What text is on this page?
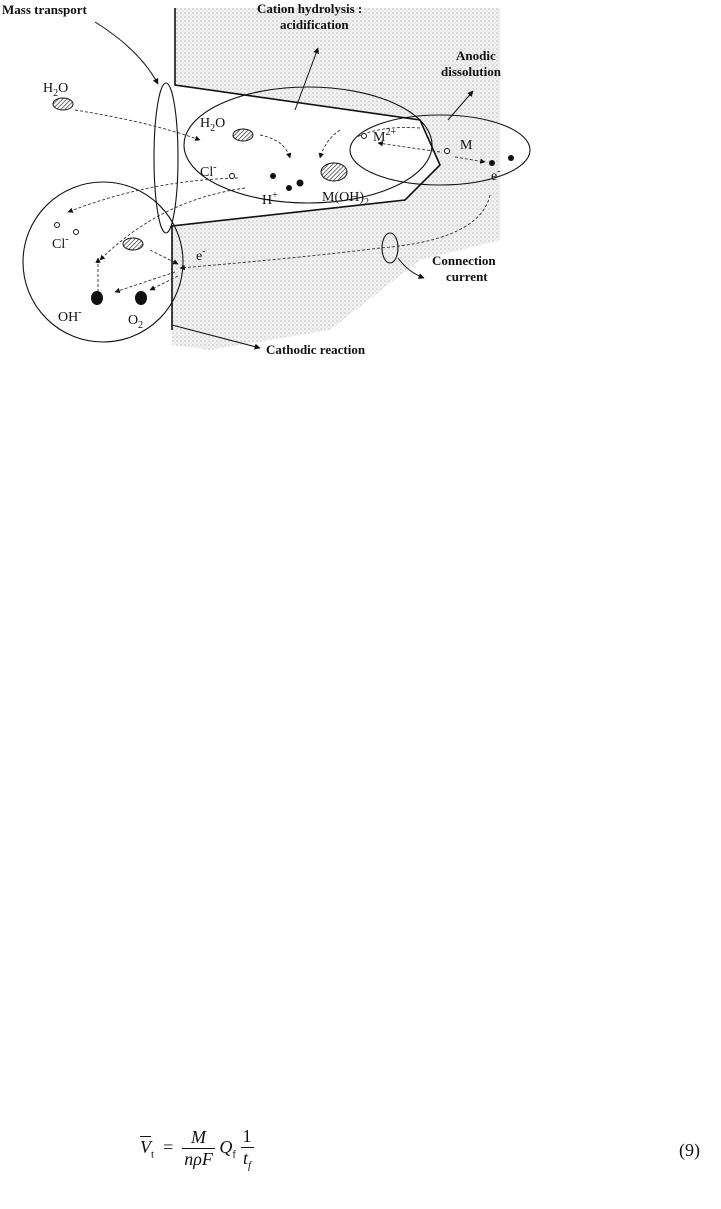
Mass transport	Cation hydrolysis :
acidification
Anodic
dissolution
Connection
current
Cathodic reaction
$H_2O$
$H_2O$
$M^{2+}$
M
e-
Cl-
H+	$M(OH)_2$
Cl-
e-
OH-
$O_2$
$\overline{V}_t = \frac{M}{\text{nρF}} Q_f \frac{1}{t_f}$	(9)
